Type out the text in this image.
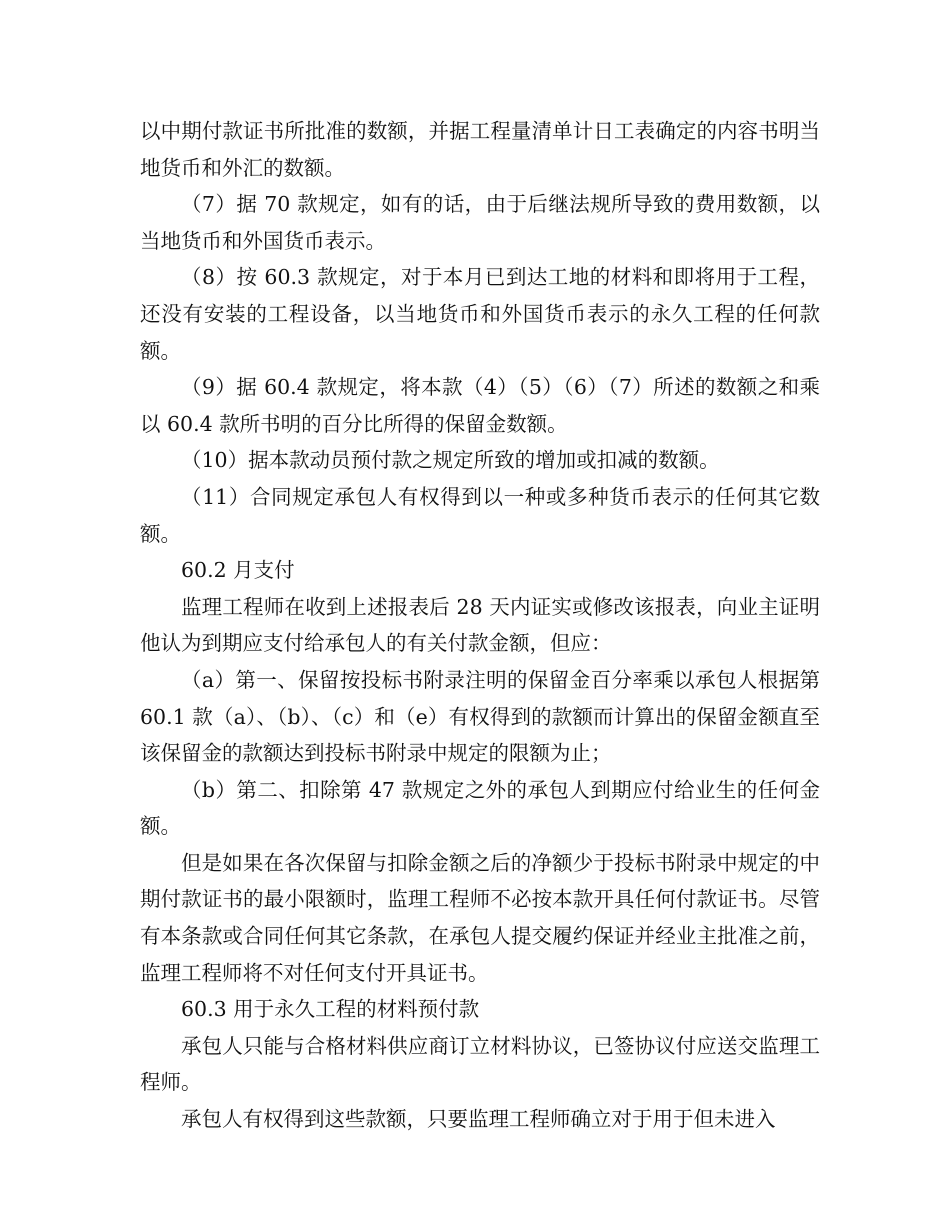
以中期付款证书所批准的数额，并据工程量清单计日工表确定的内容书明当地货币和外汇的数额。

（7）据 70 款规定，如有的话，由于后继法规所导致的费用数额，以当地货币和外国货币表示。

（8）按 60.3 款规定，对于本月已到达工地的材料和即将用于工程，还没有安装的工程设备，以当地货币和外国货币表示的永久工程的任何款额。

（9）据 60.4 款规定，将本款（4）（5）（6）（7）所述的数额之和乘以 60.4 款所书明的百分比所得的保留金数额。

（10）据本款动员预付款之规定所致的增加或扣减的数额。

（11）合同规定承包人有权得到以一种或多种货币表示的任何其它数额。

60.2 月支付

监理工程师在收到上述报表后 28 天内证实或修改该报表，向业主证明他认为到期应支付给承包人的有关付款金额，但应：

（a）第一、保留按投标书附录注明的保留金百分率乘以承包人根据第 60.1 款（a）、（b）、（c）和（e）有权得到的款额而计算出的保留金额直至该保留金的款额达到投标书附录中规定的限额为止；

（b）第二、扣除第 47 款规定之外的承包人到期应付给业生的任何金额。

但是如果在各次保留与扣除金额之后的净额少于投标书附录中规定的中期付款证书的最小限额时，监理工程师不必按本款开具任何付款证书。尽管有本条款或合同任何其它条款，在承包人提交履约保证并经业主批准之前，监理工程师将不对任何支付开具证书。

60.3 用于永久工程的材料预付款

承包人只能与合格材料供应商订立材料协议，已签协议付应送交监理工程师。

承包人有权得到这些款额，只要监理工程师确立对于用于但未进入
